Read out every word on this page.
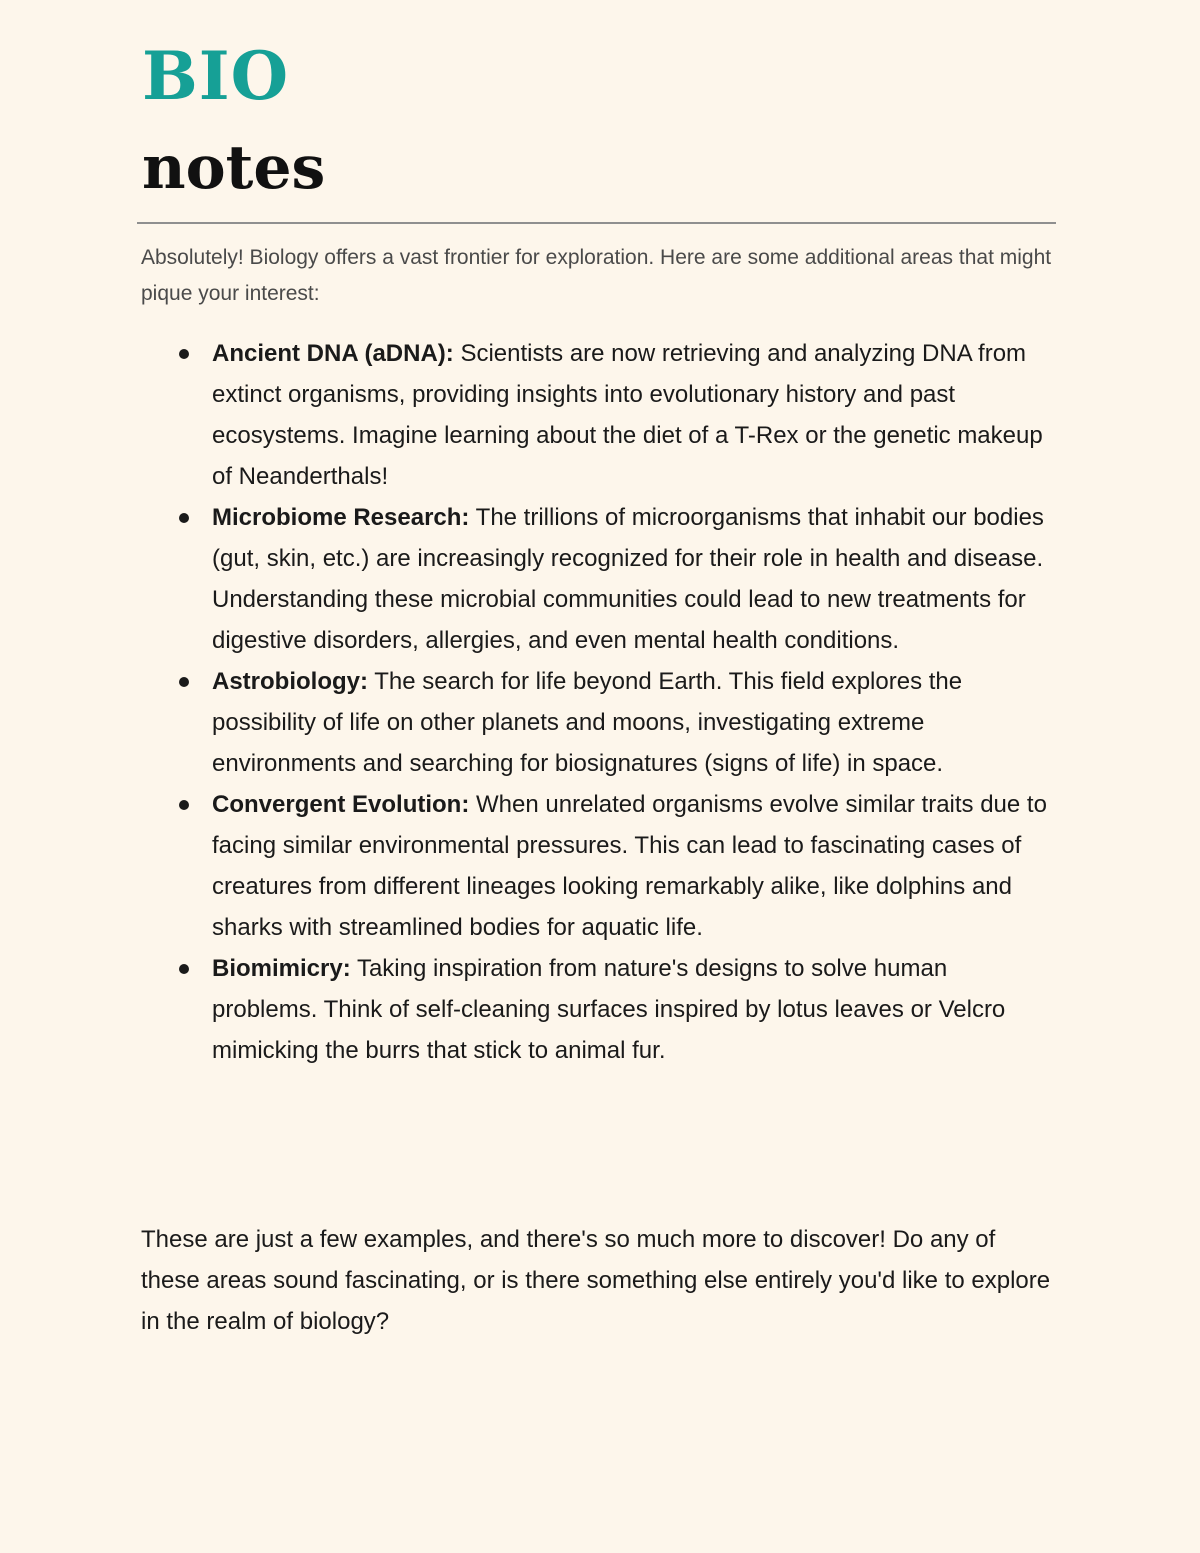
BIO
notes

Absolutely! Biology offers a vast frontier for exploration. Here are some additional areas that might pique your interest:

Ancient DNA (aDNA): Scientists are now retrieving and analyzing DNA from extinct organisms, providing insights into evolutionary history and past ecosystems. Imagine learning about the diet of a T-Rex or the genetic makeup of Neanderthals!
Microbiome Research: The trillions of microorganisms that inhabit our bodies (gut, skin, etc.) are increasingly recognized for their role in health and disease. Understanding these microbial communities could lead to new treatments for digestive disorders, allergies, and even mental health conditions.
Astrobiology: The search for life beyond Earth. This field explores the possibility of life on other planets and moons, investigating extreme environments and searching for biosignatures (signs of life) in space.
Convergent Evolution: When unrelated organisms evolve similar traits due to facing similar environmental pressures. This can lead to fascinating cases of creatures from different lineages looking remarkably alike, like dolphins and sharks with streamlined bodies for aquatic life.
Biomimicry: Taking inspiration from nature's designs to solve human problems. Think of self-cleaning surfaces inspired by lotus leaves or Velcro mimicking the burrs that stick to animal fur.

These are just a few examples, and there's so much more to discover! Do any of these areas sound fascinating, or is there something else entirely you'd like to explore in the realm of biology?
